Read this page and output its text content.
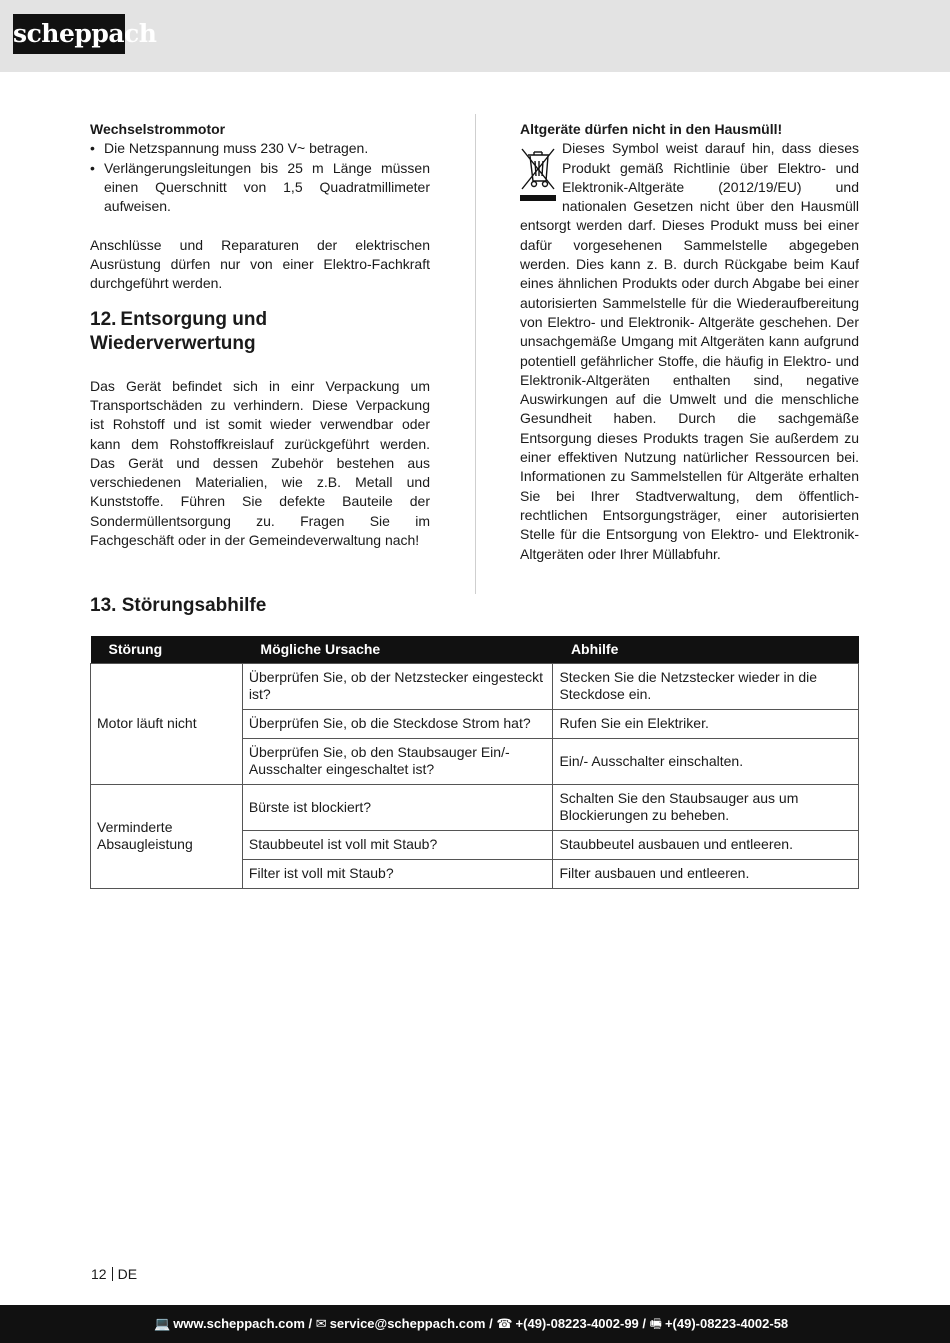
scheppach
Wechselstrommotor
• Die Netzspannung muss 230 V~ betragen.
• Verlängerungsleitungen bis 25 m Länge müssen einen Querschnitt von 1,5 Quadratmillimeter aufweisen.

Anschlüsse und Reparaturen der elektrischen Ausrüstung dürfen nur von einer Elektro-Fachkraft durchgeführt werden.

12. Entsorgung und Wiederverwertung

Das Gerät befindet sich in einr Verpackung um Transportschäden zu verhindern. Diese Verpackung ist Rohstoff und ist somit wieder verwendbar oder kann dem Rohstoffkreislauf zurückgeführt werden. Das Gerät und dessen Zubehör bestehen aus verschiedenen Materialien, wie z.B. Metall und Kunststoffe. Führen Sie defekte Bauteile der Sondermüllentsorgung zu. Fragen Sie im Fachgeschäft oder in der Gemeindeverwaltung nach!

Altgeräte dürfen nicht in den Hausmüll!

Dieses Symbol weist darauf hin, dass dieses Produkt gemäß Richtlinie über Elektro- und Elektronik-Altgeräte (2012/19/EU) und nationalen Gesetzen nicht über den Hausmüll entsorgt werden darf. Dieses Produkt muss bei einer dafür vorgesehenen Sammelstelle abgegeben werden. Dies kann z. B. durch Rückgabe beim Kauf eines ähnlichen Produkts oder durch Abgabe bei einer autorisierten Sammelstelle für die Wiederaufbereitung von Elektro- und Elektronik- Altgeräte geschehen. Der unsachgemäße Umgang mit Altgeräten kann aufgrund potentiell gefährlicher Stoffe, die häufig in Elektro- und Elektronik-Altgeräten enthalten sind, negative Auswirkungen auf die Umwelt und die menschliche Gesundheit haben. Durch die sachgemäße Entsorgung dieses Produkts tragen Sie außerdem zu einer effektiven Nutzung natürlicher Ressourcen bei. Informationen zu Sammelstellen für Altgeräte erhalten Sie bei Ihrer Stadtverwaltung, dem öffentlich-rechtlichen Entsorgungsträger, einer autorisierten Stelle für die Entsorgung von Elektro- und Elektronik-Altgeräten oder Ihrer Müllabfuhr.

13. Störungsabhilfe
Störung	Mögliche Ursache	Abhilfe
Motor läuft nicht	Überprüfen Sie, ob der Netzstecker eingesteckt ist?	Stecken Sie die Netzstecker wieder in die Steckdose ein.
	Überprüfen Sie, ob die Steckdose Strom hat?	Rufen Sie ein Elektriker.
	Überprüfen Sie, ob den Staubsauger Ein/-Ausschalter eingeschaltet ist?	Ein/- Ausschalter einschalten.
Verminderte Absaugleistung	Bürste ist blockiert?	Schalten Sie den Staubsauger aus um Blockierungen zu beheben.
	Staubbeutel ist voll mit Staub?	Staubbeutel ausbauen und entleeren.
	Filter ist voll mit Staub?	Filter ausbauen und entleeren.
12 DE
💻 www.scheppach.com / ✉ service@scheppach.com / ☎ +(49)-08223-4002-99 / 🖷 +(49)-08223-4002-58
